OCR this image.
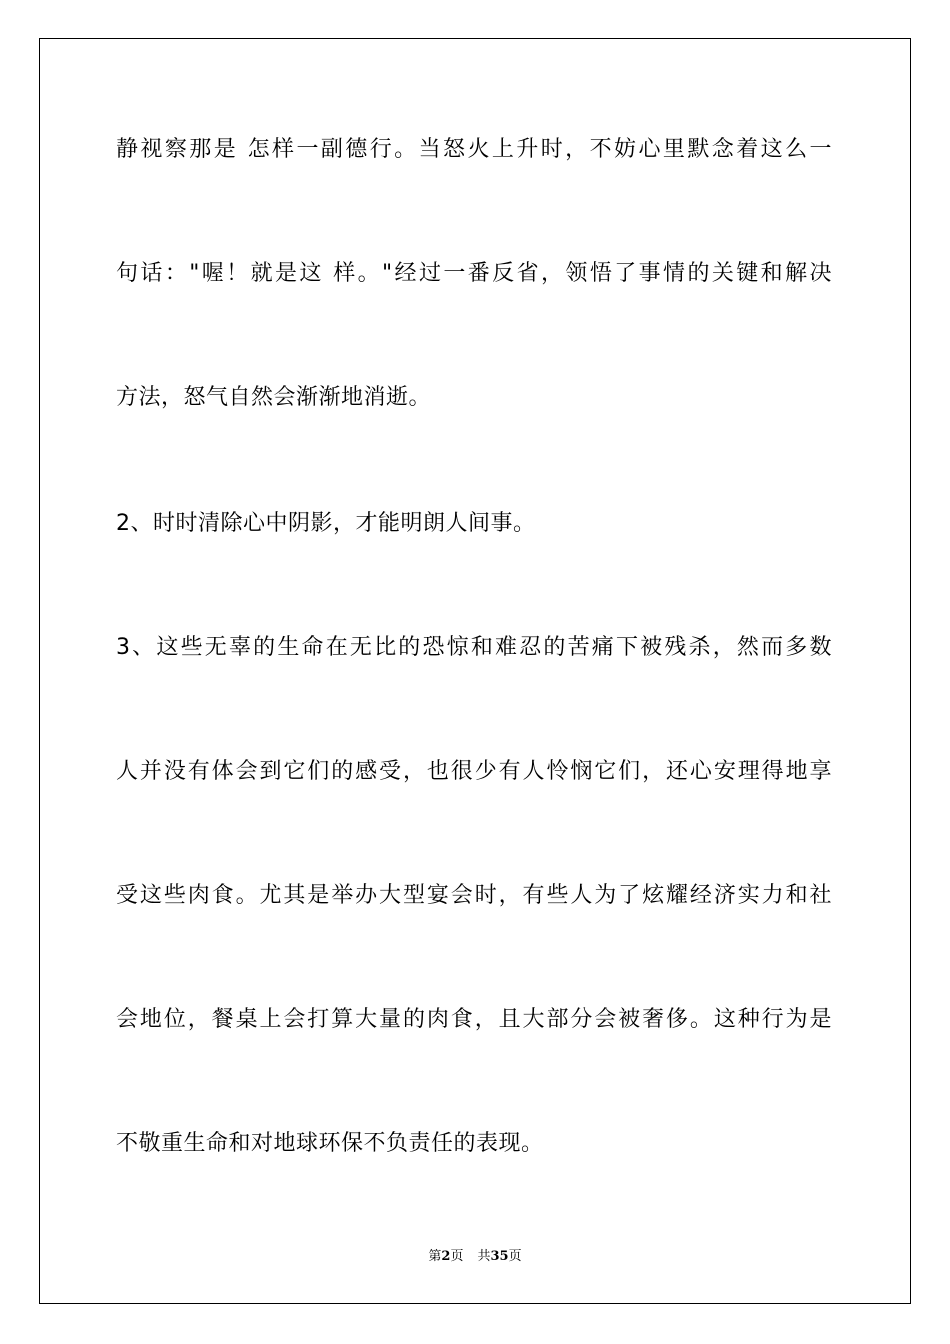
静视察那是 怎样一副德行。当怒火上升时，不妨心里默念着这么一
句话："喔！就是这 样。"经过一番反省，领悟了事情的关键和解决
方法，怒气自然会渐渐地消逝。
2、时时清除心中阴影，才能明朗人间事。
3、这些无辜的生命在无比的恐惊和难忍的苦痛下被残杀，然而多数
人并没有体会到它们的感受，也很少有人怜悯它们，还心安理得地享
受这些肉食。尤其是举办大型宴会时，有些人为了炫耀经济实力和社
会地位，餐桌上会打算大量的肉食，且大部分会被奢侈。这种行为是
不敬重生命和对地球环保不负责任的表现。
第2页 共35页
